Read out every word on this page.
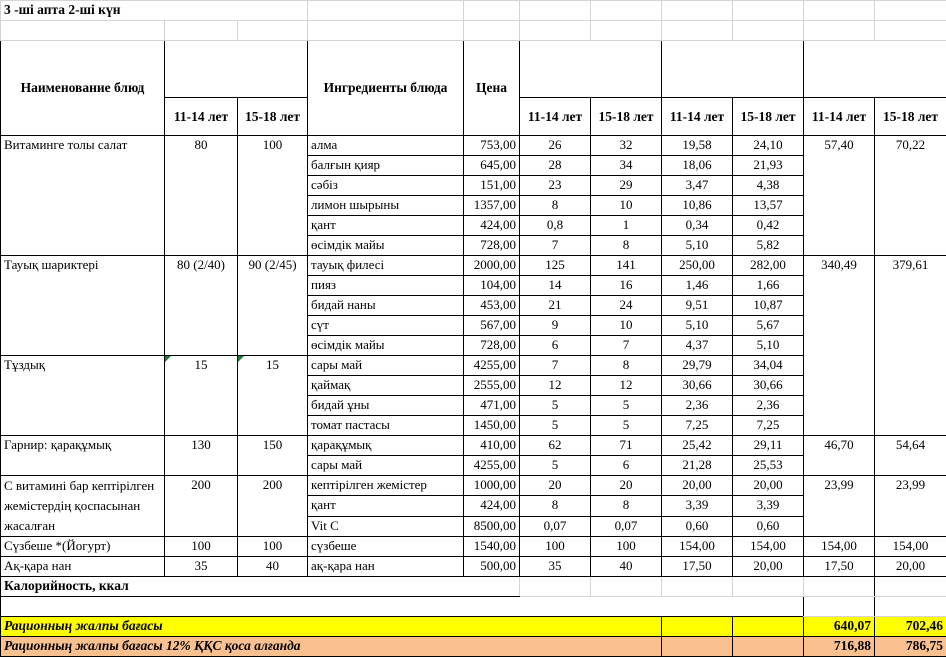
3 -ші апта 2-ші күн										

Наименование блюд			Ингредиенты блюда	Цена						
	11-14 лет	15-18 лет			11-14 лет	15-18 лет	11-14 лет	15-18 лет	11-14 лет	15-18 лет
Витаминге толы салат	80	100	алма	753,00	26	32	19,58	24,10	57,40	70,22
			балғын қияр	645,00	28	34	18,06	21,93		
			сәбіз	151,00	23	29	3,47	4,38		
			лимон шырыны	1357,00	8	10	10,86	13,57		
			қант	424,00	0,8	1	0,34	0,42		
			өсімдік майы	728,00	7	8	5,10	5,82		
Тауық шариктері	80 (2/40)	90 (2/45)	тауық филесі	2000,00	125	141	250,00	282,00	340,49	379,61
			пияз	104,00	14	16	1,46	1,66		
			бидай наны	453,00	21	24	9,51	10,87		
			сүт	567,00	9	10	5,10	5,67		
			өсімдік майы	728,00	6	7	4,37	5,10		
Тұздық	15	15	сары май	4255,00	7	8	29,79	34,04		
			қаймақ	2555,00	12	12	30,66	30,66		
			бидай ұны	471,00	5	5	2,36	2,36		
			томат пастасы	1450,00	5	5	7,25	7,25		
Гарнир: қарақұмық	130	150	қарақұмық	410,00	62	71	25,42	29,11	46,70	54,64
			сары май	4255,00	5	6	21,28	25,53		
С витамині бар кептірілген жемістердің қоспасынан жасалған	200	200	кептірілген жемістер	1000,00	20	20	20,00	20,00	23,99	23,99
			қант	424,00	8	8	3,39	3,39		
			Vit C	8500,00	0,07	0,07	0,60	0,60		
Сүзбеше *(Йогурт)	100	100	сүзбеше	1540,00	100	100	154,00	154,00	154,00	154,00
Ақ-қара нан	35	40	ақ-қара нан	500,00	35	40	17,50	20,00	17,50	20,00
Калорийность, ккал										

Рационның жалпы бағасы									640,07	702,46
Рационның жалпы бағасы 12% ҚҚС қоса алғанда									716,88	786,75
